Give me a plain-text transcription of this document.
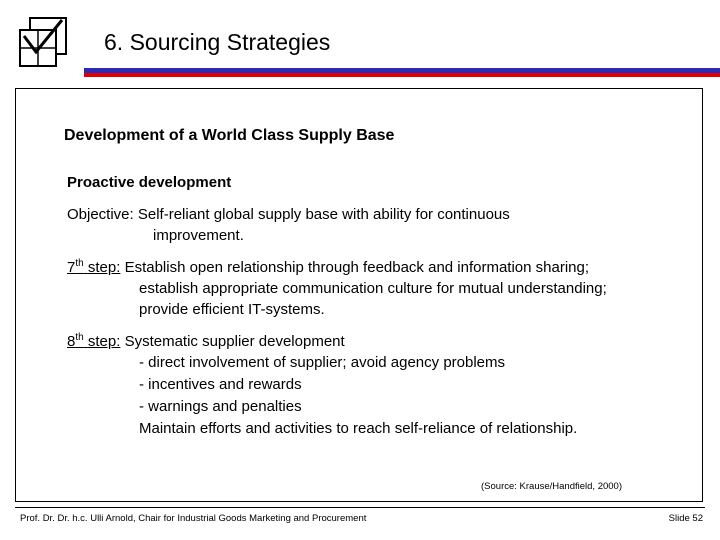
6. Sourcing Strategies
Development of a World Class Supply Base
Proactive development
Objective: Self-reliant global supply base with ability for continuous
improvement.
7th step: Establish open relationship through feedback and information sharing;
establish appropriate communication culture for mutual understanding;
provide efficient IT-systems.
8th step: Systematic supplier development
- direct involvement of supplier; avoid agency problems
- incentives and rewards
- warnings and penalties
Maintain efforts and activities to reach self-reliance of relationship.
(Source: Krause/Handfield, 2000)
Prof. Dr. Dr. h.c. Ulli Arnold, Chair for Industrial Goods Marketing and Procurement	Slide 52
